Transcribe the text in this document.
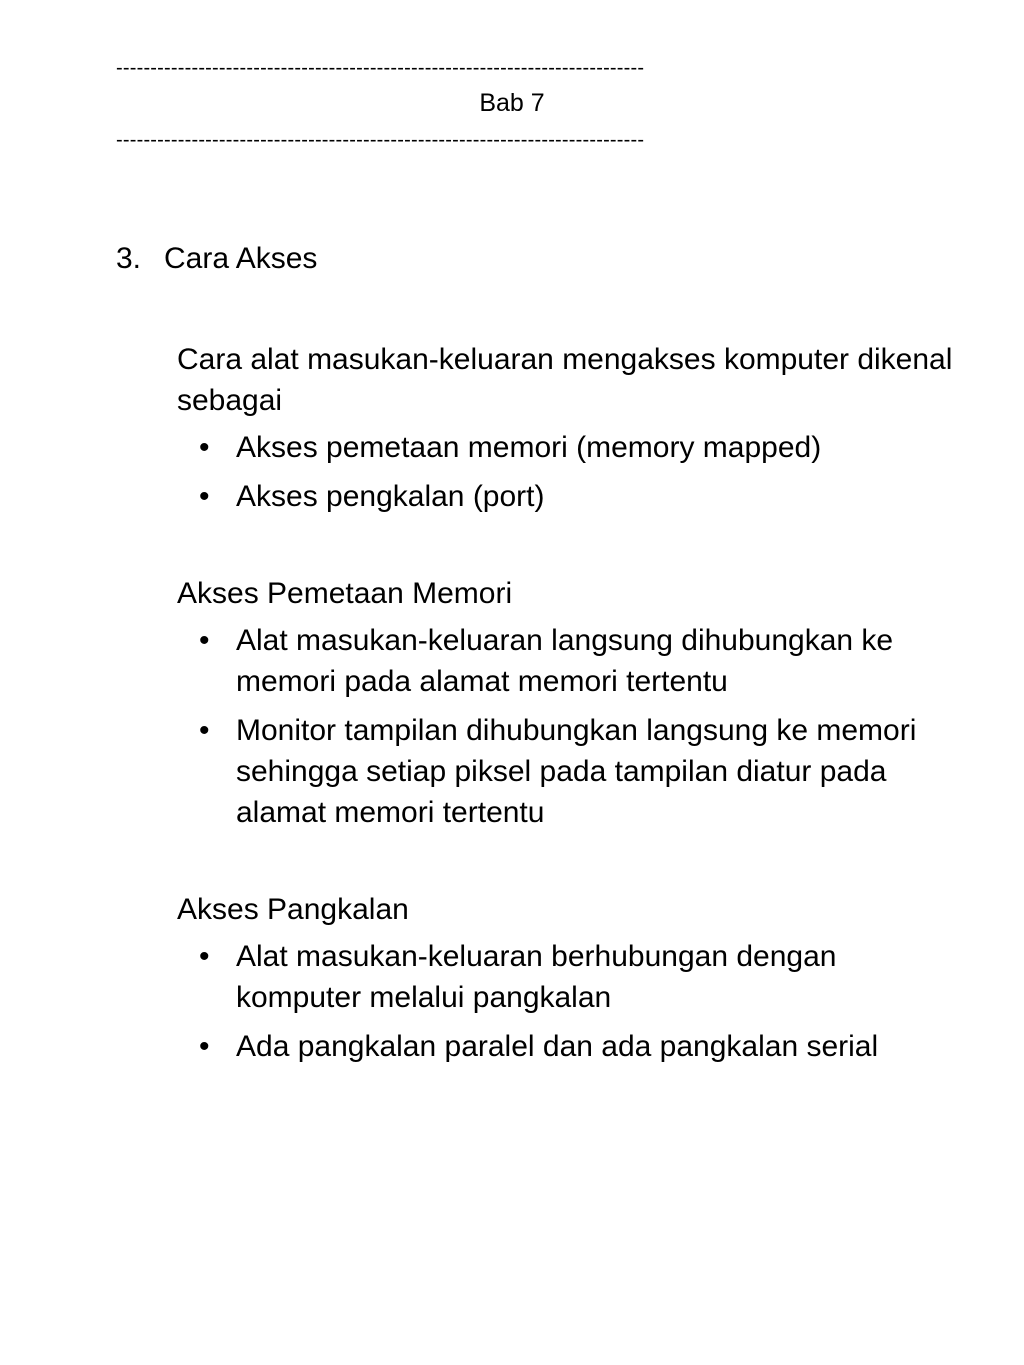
-----------------------------------------------------------------------------
Bab 7
-----------------------------------------------------------------------------
3. Cara Akses
Cara alat masukan-keluaran mengakses komputer dikenal sebagai
• Akses pemetaan memori (memory mapped)
• Akses pengkalan (port)
Akses Pemetaan Memori
• Alat masukan-keluaran langsung dihubungkan ke memori pada alamat memori tertentu
• Monitor tampilan dihubungkan langsung ke memori sehingga setiap piksel pada tampilan diatur pada alamat memori tertentu
Akses Pangkalan
• Alat masukan-keluaran berhubungan dengan komputer melalui pangkalan
• Ada pangkalan paralel dan ada pangkalan serial
